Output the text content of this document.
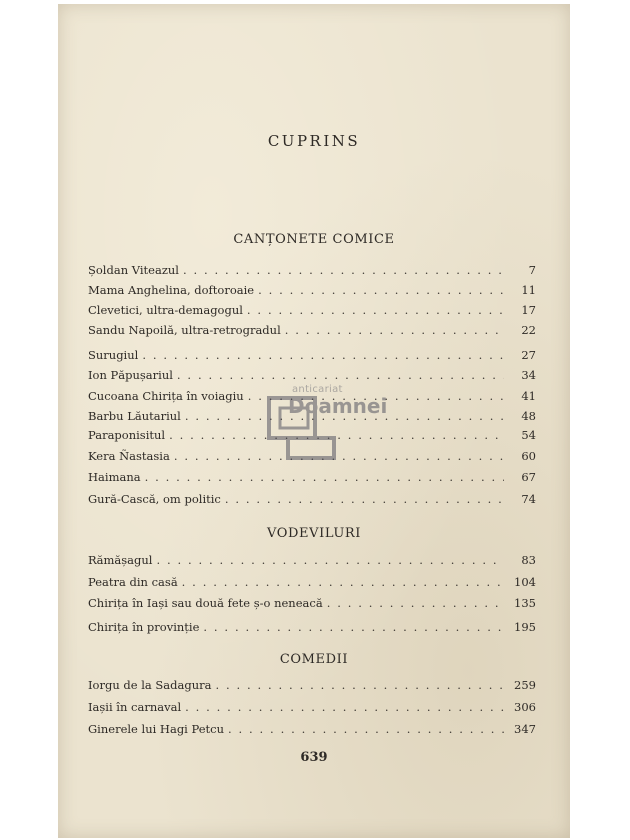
CUPRINS
CANȚONETE COMICE
Șoldan Viteazul . . .	7
Mama Anghelina, doftoroaie . . .	11
Clevetici, ultra-demagogul . . .	17
Sandu Napoilă, ultra-retrogradul . . .	22
Surugiul . . .	27
Ion Păpușariul . . .	34
Cucoana Chirița în voiagiu . . .	41
Barbu Lăutariul . . .	48
Paraponisitul . . .	54
Kera Ñastasia . . .	60
Haimana . . .	67
Gură-Cască, om politic . . .	74
VODEVILURI
Rămășagul . . .	83
Peatra din casă . . .	104
Chirița în Iași sau două fete ș-o neneacă . . .	135
Chirița în provinție . . .	195
COMEDII
Iorgu de la Sadagura . . .	259
Iașii în carnaval . . .	306
Ginerele lui Hagi Petcu . . .	347
639
anticariat
Doamnei
